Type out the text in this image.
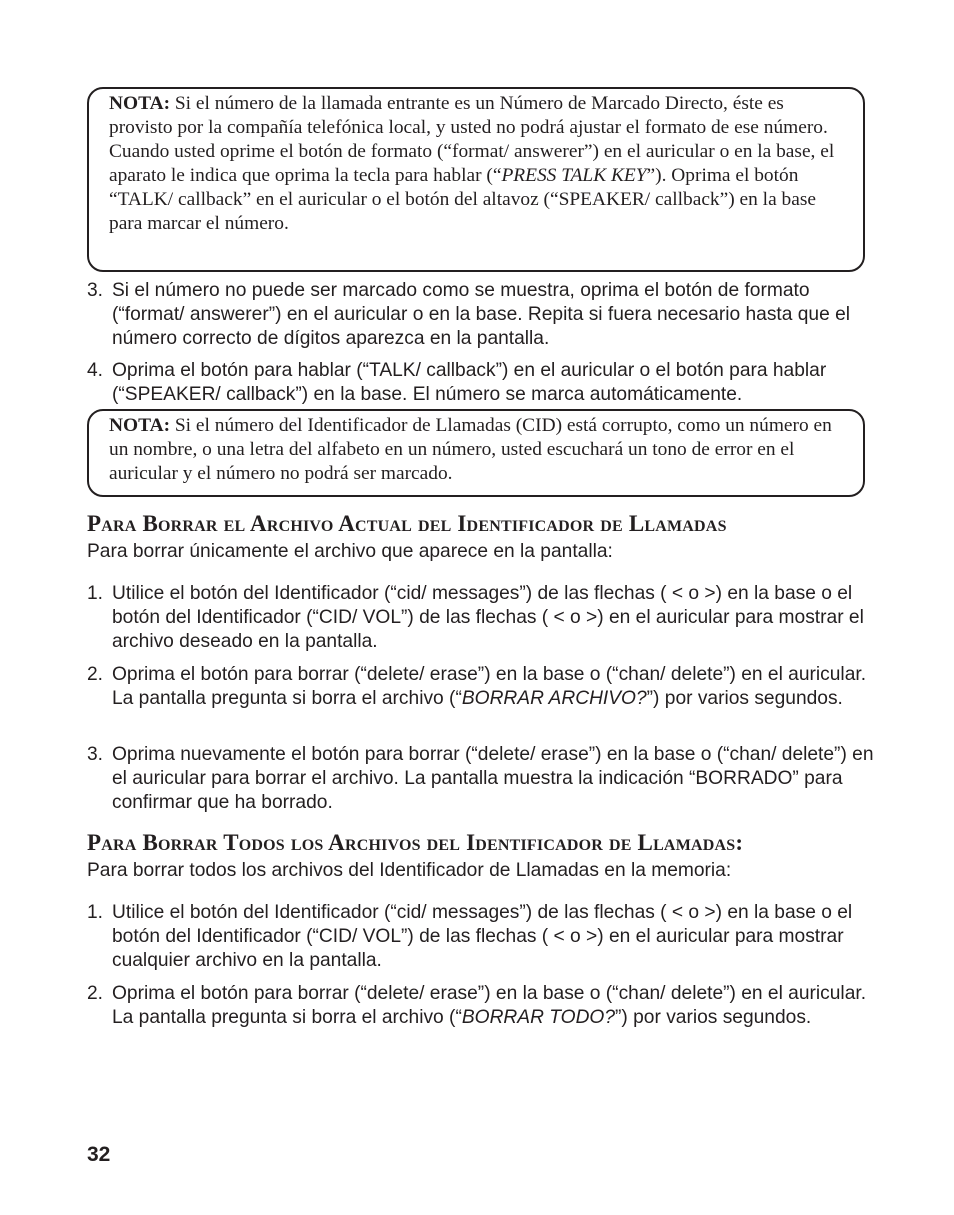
NOTA: Si el número de la llamada entrante es un Número de Marcado Directo, éste es provisto por la compañía telefónica local, y usted no podrá ajustar el formato de ese número. Cuando usted oprime el botón de formato (“format/ answerer”) en el auricular o en la base, el aparato le indica que oprima la tecla para hablar (“PRESS TALK KEY”). Oprima el botón “TALK/ callback” en el auricular o el botón del altavoz (“SPEAKER/ callback”) en la base para marcar el número.
3. Si el número no puede ser marcado como se muestra, oprima el botón de formato (“format/ answerer”) en el auricular o en la base. Repita si fuera necesario hasta que el número correcto de dígitos aparezca en la pantalla.
4. Oprima el botón para hablar (“TALK/ callback”) en el auricular o el botón para hablar (“SPEAKER/ callback”) en la base. El número se marca automáticamente.
NOTA: Si el número del Identificador de Llamadas (CID) está corrupto, como un número en un nombre, o una letra del alfabeto en un número, usted escuchará un tono de error en el auricular y el número no podrá ser marcado.
Para Borrar el Archivo Actual del Identificador de Llamadas
Para borrar únicamente el archivo que aparece en la pantalla:
1. Utilice el botón del Identificador (“cid/ messages”) de las flechas ( < o >) en la base o el botón del Identificador (“CID/ VOL”) de las flechas ( < o >) en el auricular para mostrar el archivo deseado en la pantalla.
2. Oprima el botón para borrar (“delete/ erase”) en la base o (“chan/ delete”) en el auricular. La pantalla pregunta si borra el archivo (“BORRAR ARCHIVO?”) por varios segundos.
3. Oprima nuevamente el botón para borrar (“delete/ erase”) en la base o (“chan/ delete”) en el auricular para borrar el archivo. La pantalla muestra la indicación “BORRADO” para confirmar que ha borrado.
Para Borrar Todos los Archivos del Identificador de Llamadas:
Para borrar todos los archivos del Identificador de Llamadas en la memoria:
1. Utilice el botón del Identificador (“cid/ messages”) de las flechas ( < o >) en la base o el botón del Identificador (“CID/ VOL”) de las flechas ( < o >) en el auricular para mostrar cualquier archivo en la pantalla.
2. Oprima el botón para borrar (“delete/ erase”) en la base o (“chan/ delete”) en el auricular. La pantalla pregunta si borra el archivo (“BORRAR TODO?”) por varios segundos.
32
